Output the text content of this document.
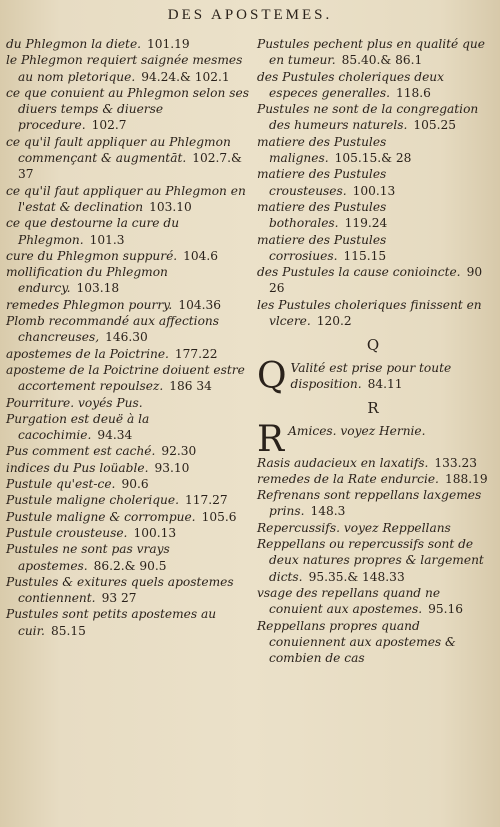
DES APOSTEMES.

du Phlegmon la diete. 101.19

le Phlegmon requiert saignée mesmes au nom pletorique. 94.24.& 102.1

ce que conuient au Phlegmon selon ses diuers temps & diuerse procedure. 102.7

ce qu'il fault appliquer au Phlegmon commençant & augmentāt. 102.7.& 37

ce qu'il faut appliquer au Phlegmon en l'estat & declination 103.10

ce que destourne la cure du Phlegmon. 101.3

cure du Phlegmon suppuré. 104.6

mollification du Phlegmon endurcy. 103.18

remedes Phlegmon pourry. 104.36

Plomb recommandé aux affections chancreuses, 146.30

apostemes de la Poictrine. 177.22

aposteme de la Poictrine doiuent estre accortement repoulsez. 186 34

Pourriture. voyés Pus.

Purgation est deuë à la cacochimie. 94.34

Pus comment est caché. 92.30

indices du Pus loüable. 93.10

Pustule qu'est-ce. 90.6

Pustule maligne cholerique. 117.27

Pustule maligne & corrompue. 105.6

Pustule crousteuse. 100.13

Pustules ne sont pas vrays apostemes. 86.2.& 90.5

Pustules & exitures quels apostemes contiennent. 93 27

Pustules sont petits apostemes au cuir. 85.15

Pustules pechent plus en qualité que en tumeur. 85.40.& 86.1

des Pustules choleriques deux especes generalles. 118.6

Pustules ne sont de la congregation des humeurs naturels. 105.25

matiere des Pustules malignes. 105.15.& 28

matiere des Pustules crousteuses. 100.13

matiere des Pustules bothorales. 119.24

matiere des Pustules corrosiues. 115.15

des Pustules la cause conioincte. 90 26

les Pustules choleriques finissent en vlcere. 120.2

Q

Q Valité est prise pour toute disposition. 84.11

R

R Amices. voyez Hernie.

Rasis audacieux en laxatifs. 133.23

remedes de la Rate endurcie. 188.19

Refrenans sont reppellans laxgemes prins. 148.3

Repercussifs. voyez Reppellans

Reppellans ou repercussifs sont de deux natures propres & largement dicts. 95.35.& 148.33

vsage des repellans quand ne conuient aux apostemes. 95.16

Reppellans propres quand conuiennent aux apostemes & combien de cas
